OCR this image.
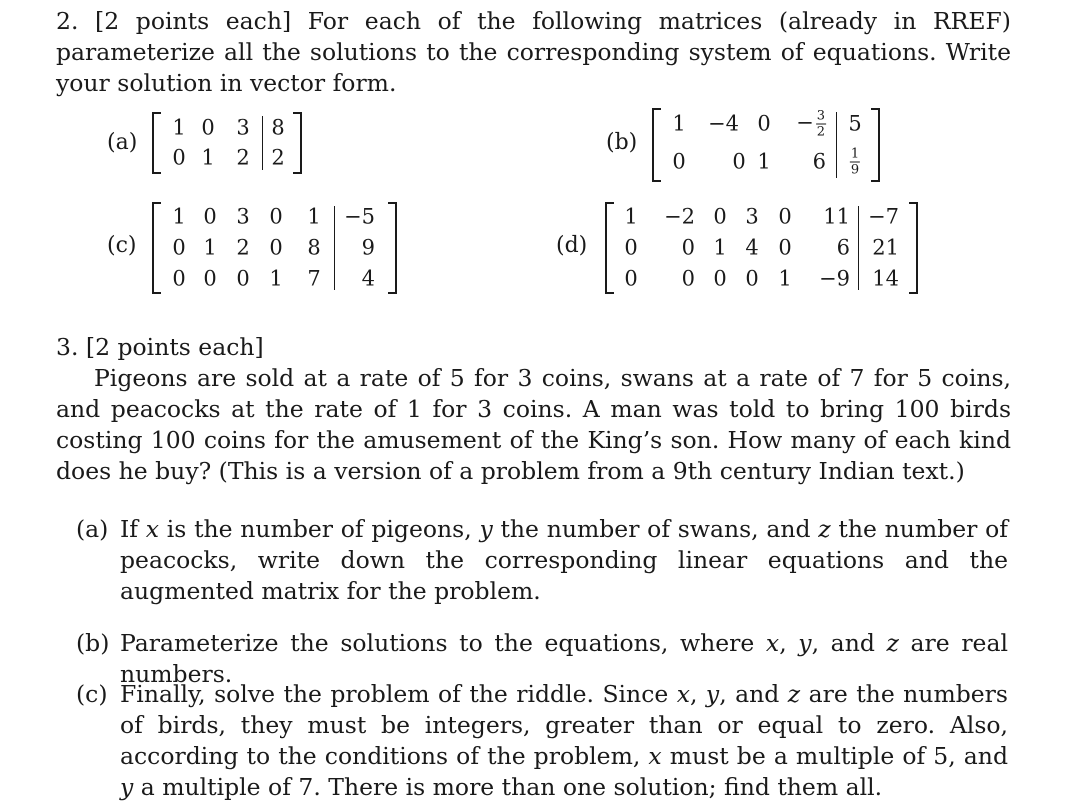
2. [2 points each] For each of the following matrices (already in RREF) parameterize all the solutions to the corresponding system of equations. Write your solution in vector form.
(a)
1 0 3 8
0 1 2 2
(b)
1 −4 $0 - \frac{3}{2} 5$
0 0 1 $6 \frac{1}{9}$
(c)
1 0 3 0 1 −5
0 1 2 0 8 9
0 0 0 1 7 4
(d)
1 −2 0 3 0 11 −7
0 0 1 4 0 6 21
0 0 0 0 1 −9 14
3. [2 points each]
Pigeons are sold at a rate of 5 for 3 coins, swans at a rate of 7 for 5 coins, and peacocks at the rate of 1 for 3 coins. A man was told to bring 100 birds costing 100 coins for the amusement of the King’s son. How many of each kind does he buy? (This is a version of a problem from a 9th century Indian text.)
(a) If x is the number of pigeons, y the number of swans, and z the number of peacocks, write down the corresponding linear equations and the augmented matrix for the problem.
(b) Parameterize the solutions to the equations, where x, y, and z are real numbers.
(c) Finally, solve the problem of the riddle. Since x, y, and z are the numbers of birds, they must be integers, greater than or equal to zero. Also, according to the conditions of the problem, x must be a multiple of 5, and y a multiple of 7. There is more than one solution; find them all.
